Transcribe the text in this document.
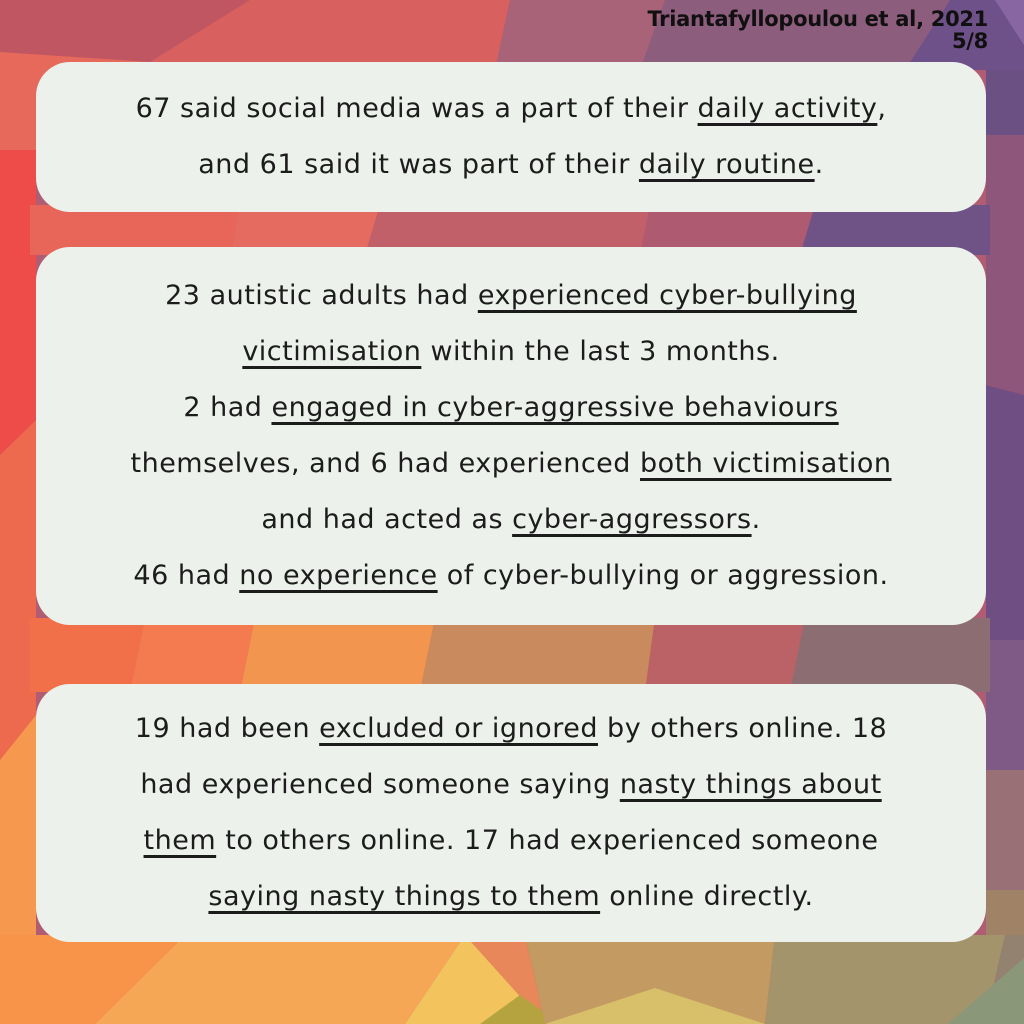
Triantafyllopoulou et al, 2021
5/8
67 said social media was a part of their daily activity,
and 61 said it was part of their daily routine.
23 autistic adults had experienced cyber-bullying
victimisation within the last 3 months.
2 had engaged in cyber-aggressive behaviours
themselves, and 6 had experienced both victimisation
and had acted as cyber-aggressors.
46 had no experience of cyber-bullying or aggression.
19 had been excluded or ignored by others online. 18
had experienced someone saying nasty things about
them to others online. 17 had experienced someone
saying nasty things to them online directly.
